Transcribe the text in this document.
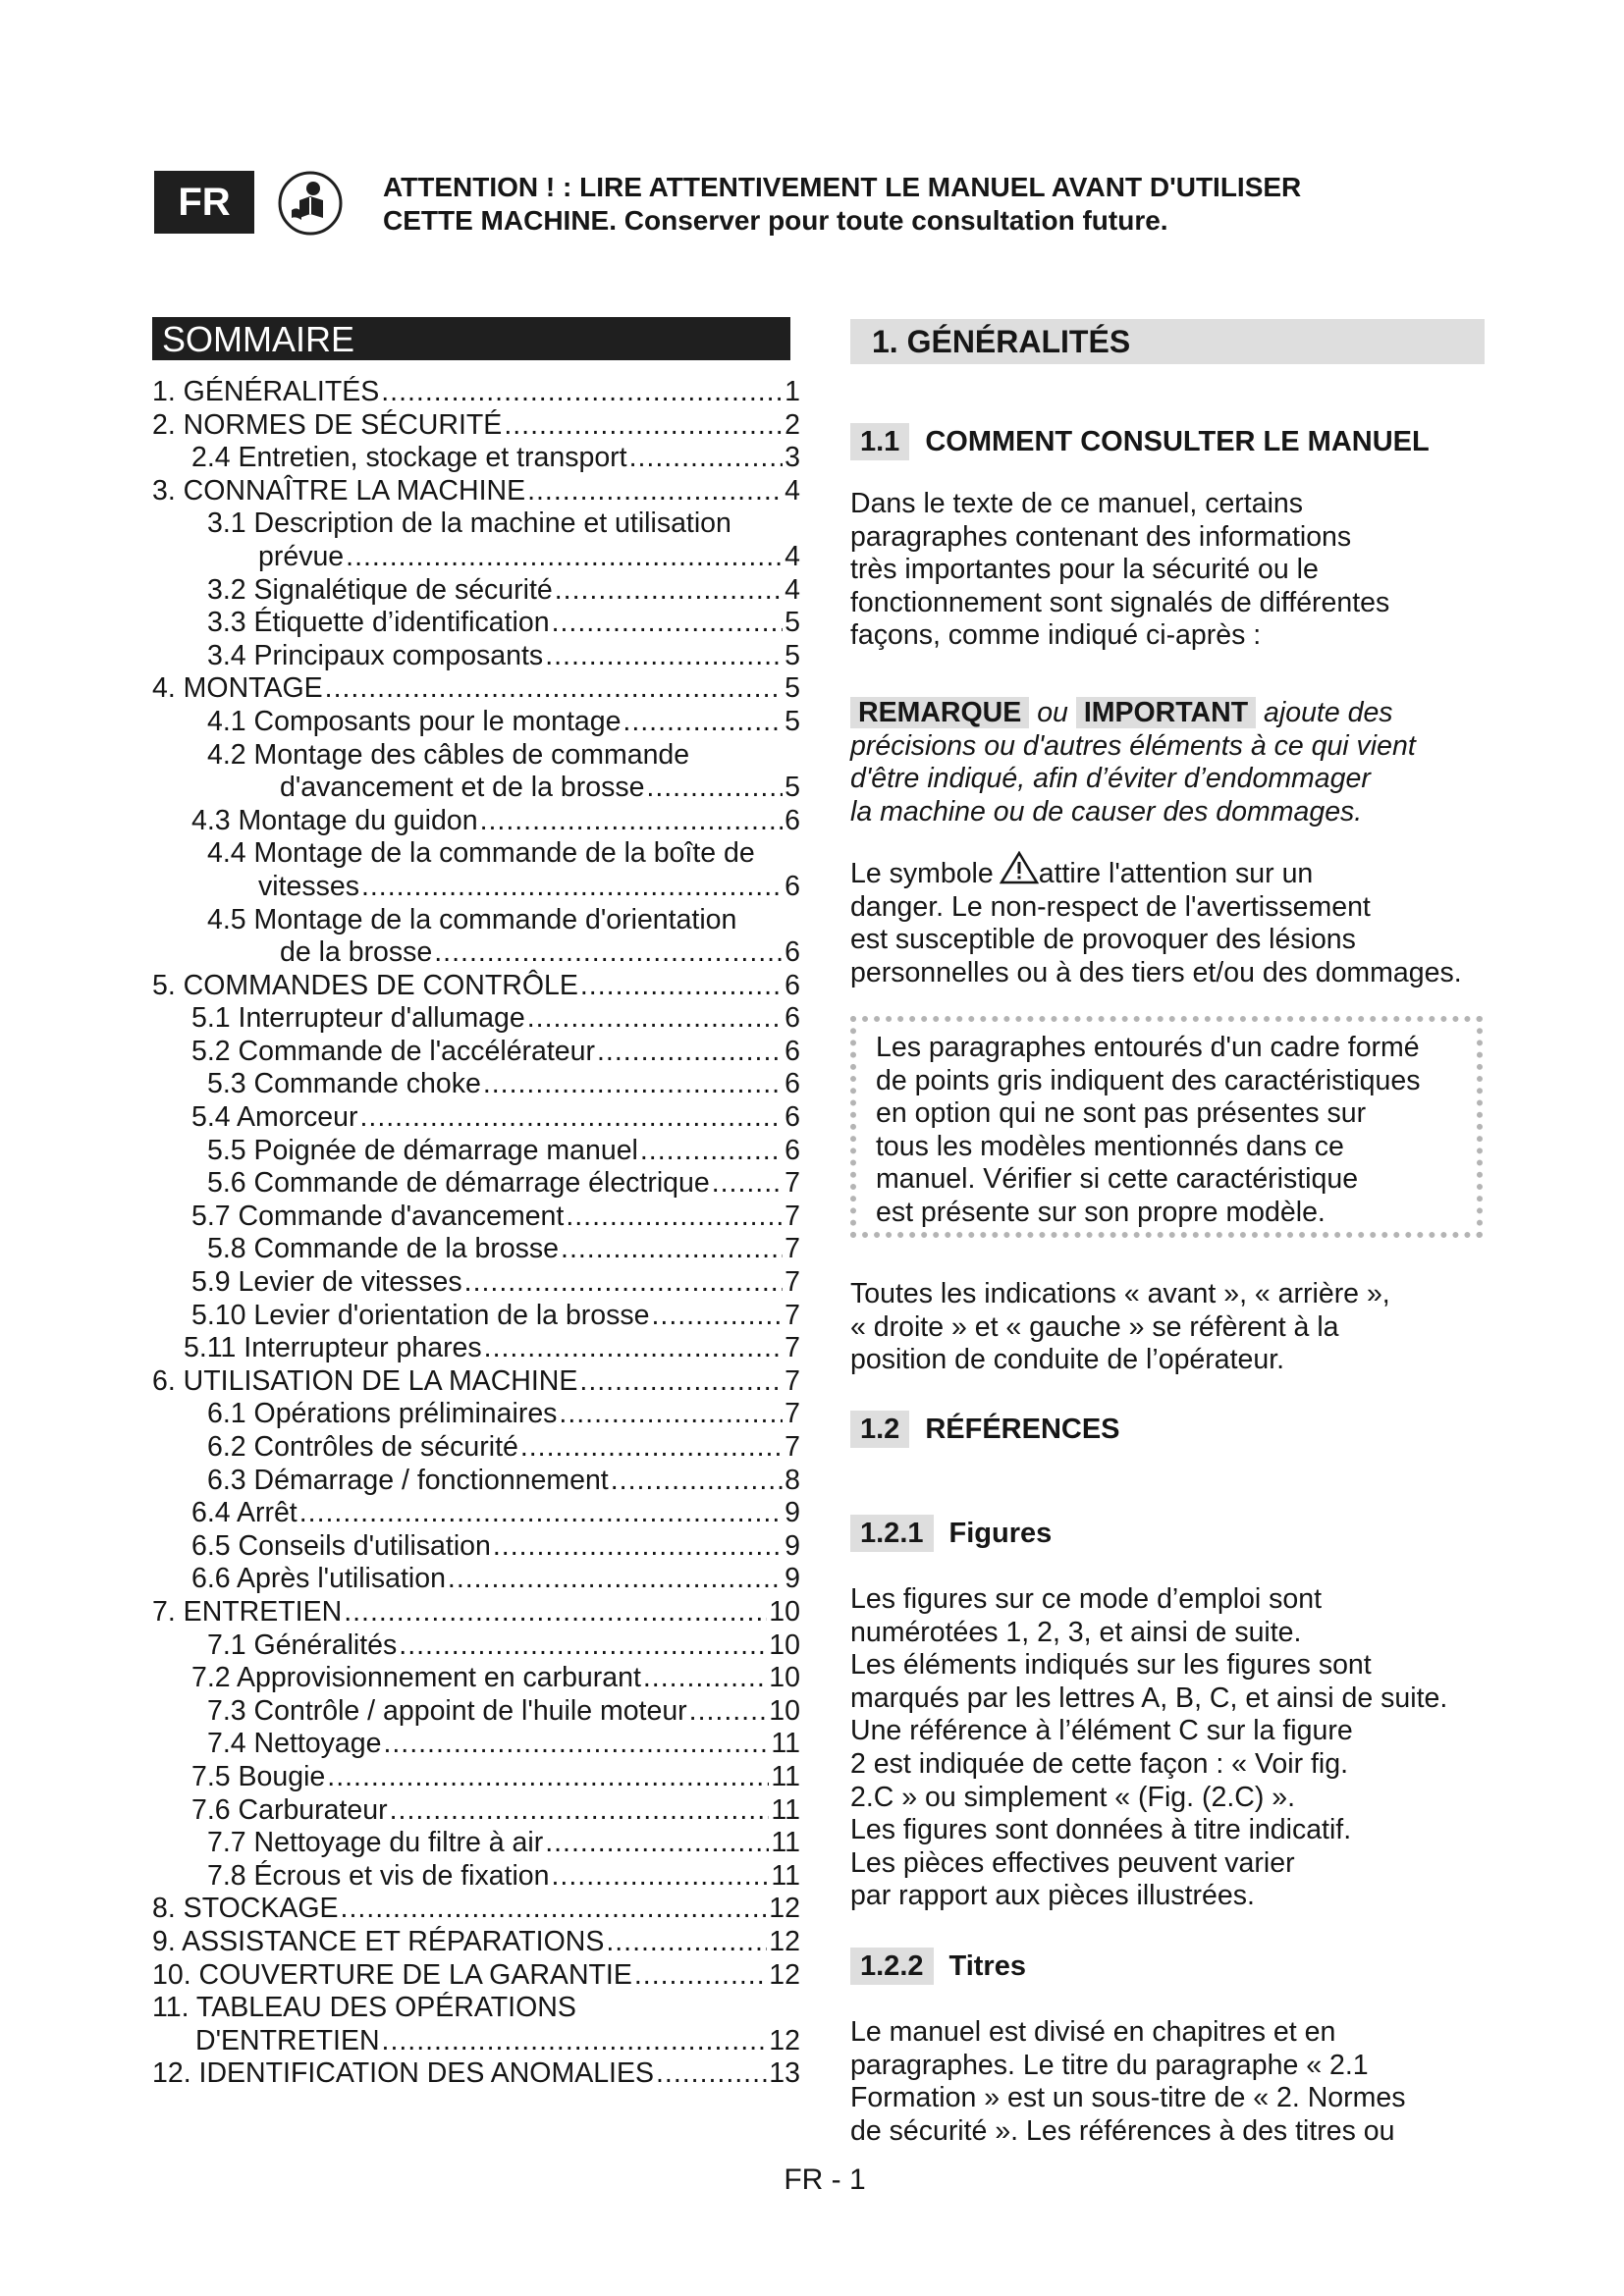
FR	ATTENTION ! : LIRE ATTENTIVEMENT LE MANUEL AVANT D'UTILISER
CETTE MACHINE. Conserver pour toute consultation future.
SOMMAIRE
1. GÉNÉRALITÉS .....	1
2. NORMES DE SÉCURITÉ .....	2
2.4 Entretien, stockage et transport .....	3
3. CONNAÎTRE LA MACHINE .....	4
3.1 Description de la machine et utilisation
prévue .....	4
3.2 Signalétique de sécurité .....	4
3.3 Étiquette d’identification .....	5
3.4 Principaux composants .....	5
4. MONTAGE .....	5
4.1 Composants pour le montage .....	5
4.2 Montage des câbles de commande
d'avancement et de la brosse .....	5
4.3 Montage du guidon .....	6
4.4 Montage de la commande de la boîte de
vitesses .....	6
4.5 Montage de la commande d'orientation
de la brosse .....	6
5. COMMANDES DE CONTRÔLE .....	6
5.1 Interrupteur d'allumage .....	6
5.2 Commande de l'accélérateur .....	6
5.3 Commande choke .....	6
5.4 Amorceur .....	6
5.5 Poignée de démarrage manuel .....	6
5.6 Commande de démarrage électrique .....	7
5.7 Commande d'avancement .....	7
5.8 Commande de la brosse .....	7
5.9 Levier de vitesses .....	7
5.10 Levier d'orientation de la brosse .....	7
5.11 Interrupteur phares .....	7
6. UTILISATION DE LA MACHINE .....	7
6.1 Opérations préliminaires .....	7
6.2 Contrôles de sécurité .....	7
6.3 Démarrage / fonctionnement .....	8
6.4 Arrêt .....	9
6.5 Conseils d'utilisation .....	9
6.6 Après l'utilisation .....	9
7. ENTRETIEN .....	10
7.1 Généralités .....	10
7.2 Approvisionnement en carburant .....	10
7.3 Contrôle / appoint de l'huile moteur .....	10
7.4 Nettoyage .....	11
7.5 Bougie .....	11
7.6 Carburateur .....	11
7.7 Nettoyage du filtre à air .....	11
7.8 Écrous et vis de fixation .....	11
8. STOCKAGE .....	12
9. ASSISTANCE ET RÉPARATIONS .....	12
10. COUVERTURE DE LA GARANTIE .....	12
11. TABLEAU DES OPÉRATIONS
D'ENTRETIEN .....	12
12. IDENTIFICATION DES ANOMALIES .....	13
1. GÉNÉRALITÉS
1.1 COMMENT CONSULTER LE MANUEL
Dans le texte de ce manuel, certains
paragraphes contenant des informations
très importantes pour la sécurité ou le
fonctionnement sont signalés de différentes
façons, comme indiqué ci-après :
REMARQUE ou IMPORTANT ajoute des
précisions ou d'autres éléments à ce qui vient
d'être indiqué, afin d’éviter d’endommager
la machine ou de causer des dommages.
Le symbole attire l'attention sur un
danger. Le non-respect de l'avertissement
est susceptible de provoquer des lésions
personnelles ou à des tiers et/ou des dommages.
Les paragraphes entourés d'un cadre formé
de points gris indiquent des caractéristiques
en option qui ne sont pas présentes sur
tous les modèles mentionnés dans ce
manuel. Vérifier si cette caractéristique
est présente sur son propre modèle.
Toutes les indications « avant », « arrière »,
« droite » et « gauche » se réfèrent à la
position de conduite de l’opérateur.
1.2 RÉFÉRENCES
1.2.1 Figures
Les figures sur ce mode d’emploi sont
numérotées 1, 2, 3, et ainsi de suite.
Les éléments indiqués sur les figures sont
marqués par les lettres A, B, C, et ainsi de suite.
Une référence à l’élément C sur la figure
2 est indiquée de cette façon : « Voir fig.
2.C » ou simplement « (Fig. (2.C) ».
Les figures sont données à titre indicatif.
Les pièces effectives peuvent varier
par rapport aux pièces illustrées.
1.2.2 Titres
Le manuel est divisé en chapitres et en
paragraphes. Le titre du paragraphe « 2.1
Formation » est un sous-titre de « 2. Normes
de sécurité ». Les références à des titres ou
FR - 1
